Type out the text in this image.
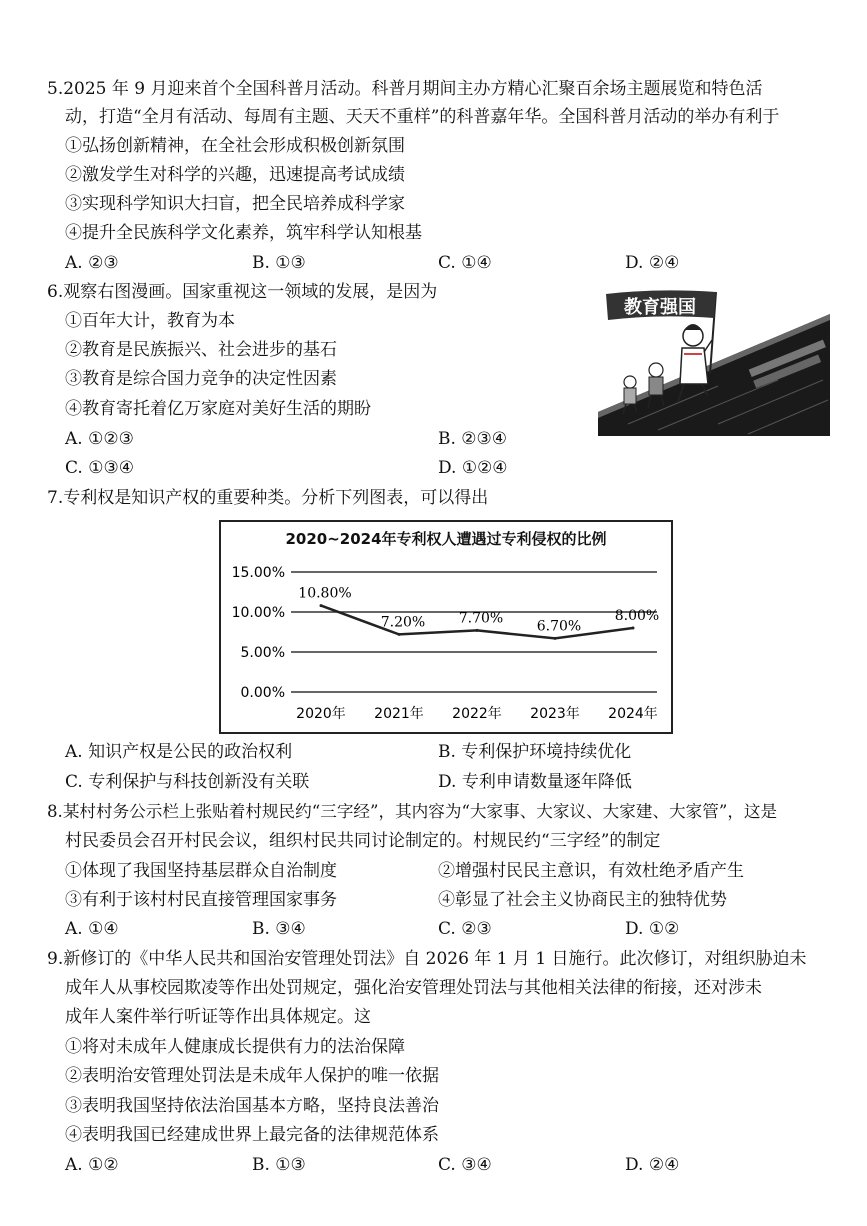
5.2025 年 9 月迎来首个全国科普月活动。科普月期间主办方精心汇聚百余场主题展览和特色活
动，打造“全月有活动、每周有主题、天天不重样”的科普嘉年华。全国科普月活动的举办有利于
①弘扬创新精神，在全社会形成积极创新氛围
②激发学生对科学的兴趣，迅速提高考试成绩
③实现科学知识大扫盲，把全民培养成科学家
④提升全民族科学文化素养，筑牢科学认知根基
A. ②③	B. ①③	C. ①④	D. ②④
6.观察右图漫画。国家重视这一领域的发展，是因为
①百年大计，教育为本
②教育是民族振兴、社会进步的基石
③教育是综合国力竞争的决定性因素
④教育寄托着亿万家庭对美好生活的期盼
A. ①②③	B. ②③④
C. ①③④	D. ①②④
教育强国
7.专利权是知识产权的重要种类。分析下列图表，可以得出
2020~2024年专利权人遭遇过专利侵权的比例
0.00%
5.00%
10.00%
15.00%
10.80%
7.20% 7.70% 6.70%
8.00%
2020年 2021年 2022年 2023年 2024年
A. 知识产权是公民的政治权利	B. 专利保护环境持续优化
C. 专利保护与科技创新没有关联	D. 专利申请数量逐年降低
8.某村村务公示栏上张贴着村规民约“三字经”，其内容为“大家事、大家议、大家建、大家管”，这是
村民委员会召开村民会议，组织村民共同讨论制定的。村规民约“三字经”的制定
①体现了我国坚持基层群众自治制度	②增强村民民主意识，有效杜绝矛盾产生
③有利于该村村民直接管理国家事务	④彰显了社会主义协商民主的独特优势
A. ①④	B. ③④	C. ②③	D. ①②
9.新修订的《中华人民共和国治安管理处罚法》自 2026 年 1 月 1 日施行。此次修订，对组织胁迫未
成年人从事校园欺凌等作出处罚规定，强化治安管理处罚法与其他相关法律的衔接，还对涉未
成年人案件举行听证等作出具体规定。这
①将对未成年人健康成长提供有力的法治保障
②表明治安管理处罚法是未成年人保护的唯一依据
③表明我国坚持依法治国基本方略，坚持良法善治
④表明我国已经建成世界上最完备的法律规范体系
A. ①②	B. ①③	C. ③④	D. ②④
